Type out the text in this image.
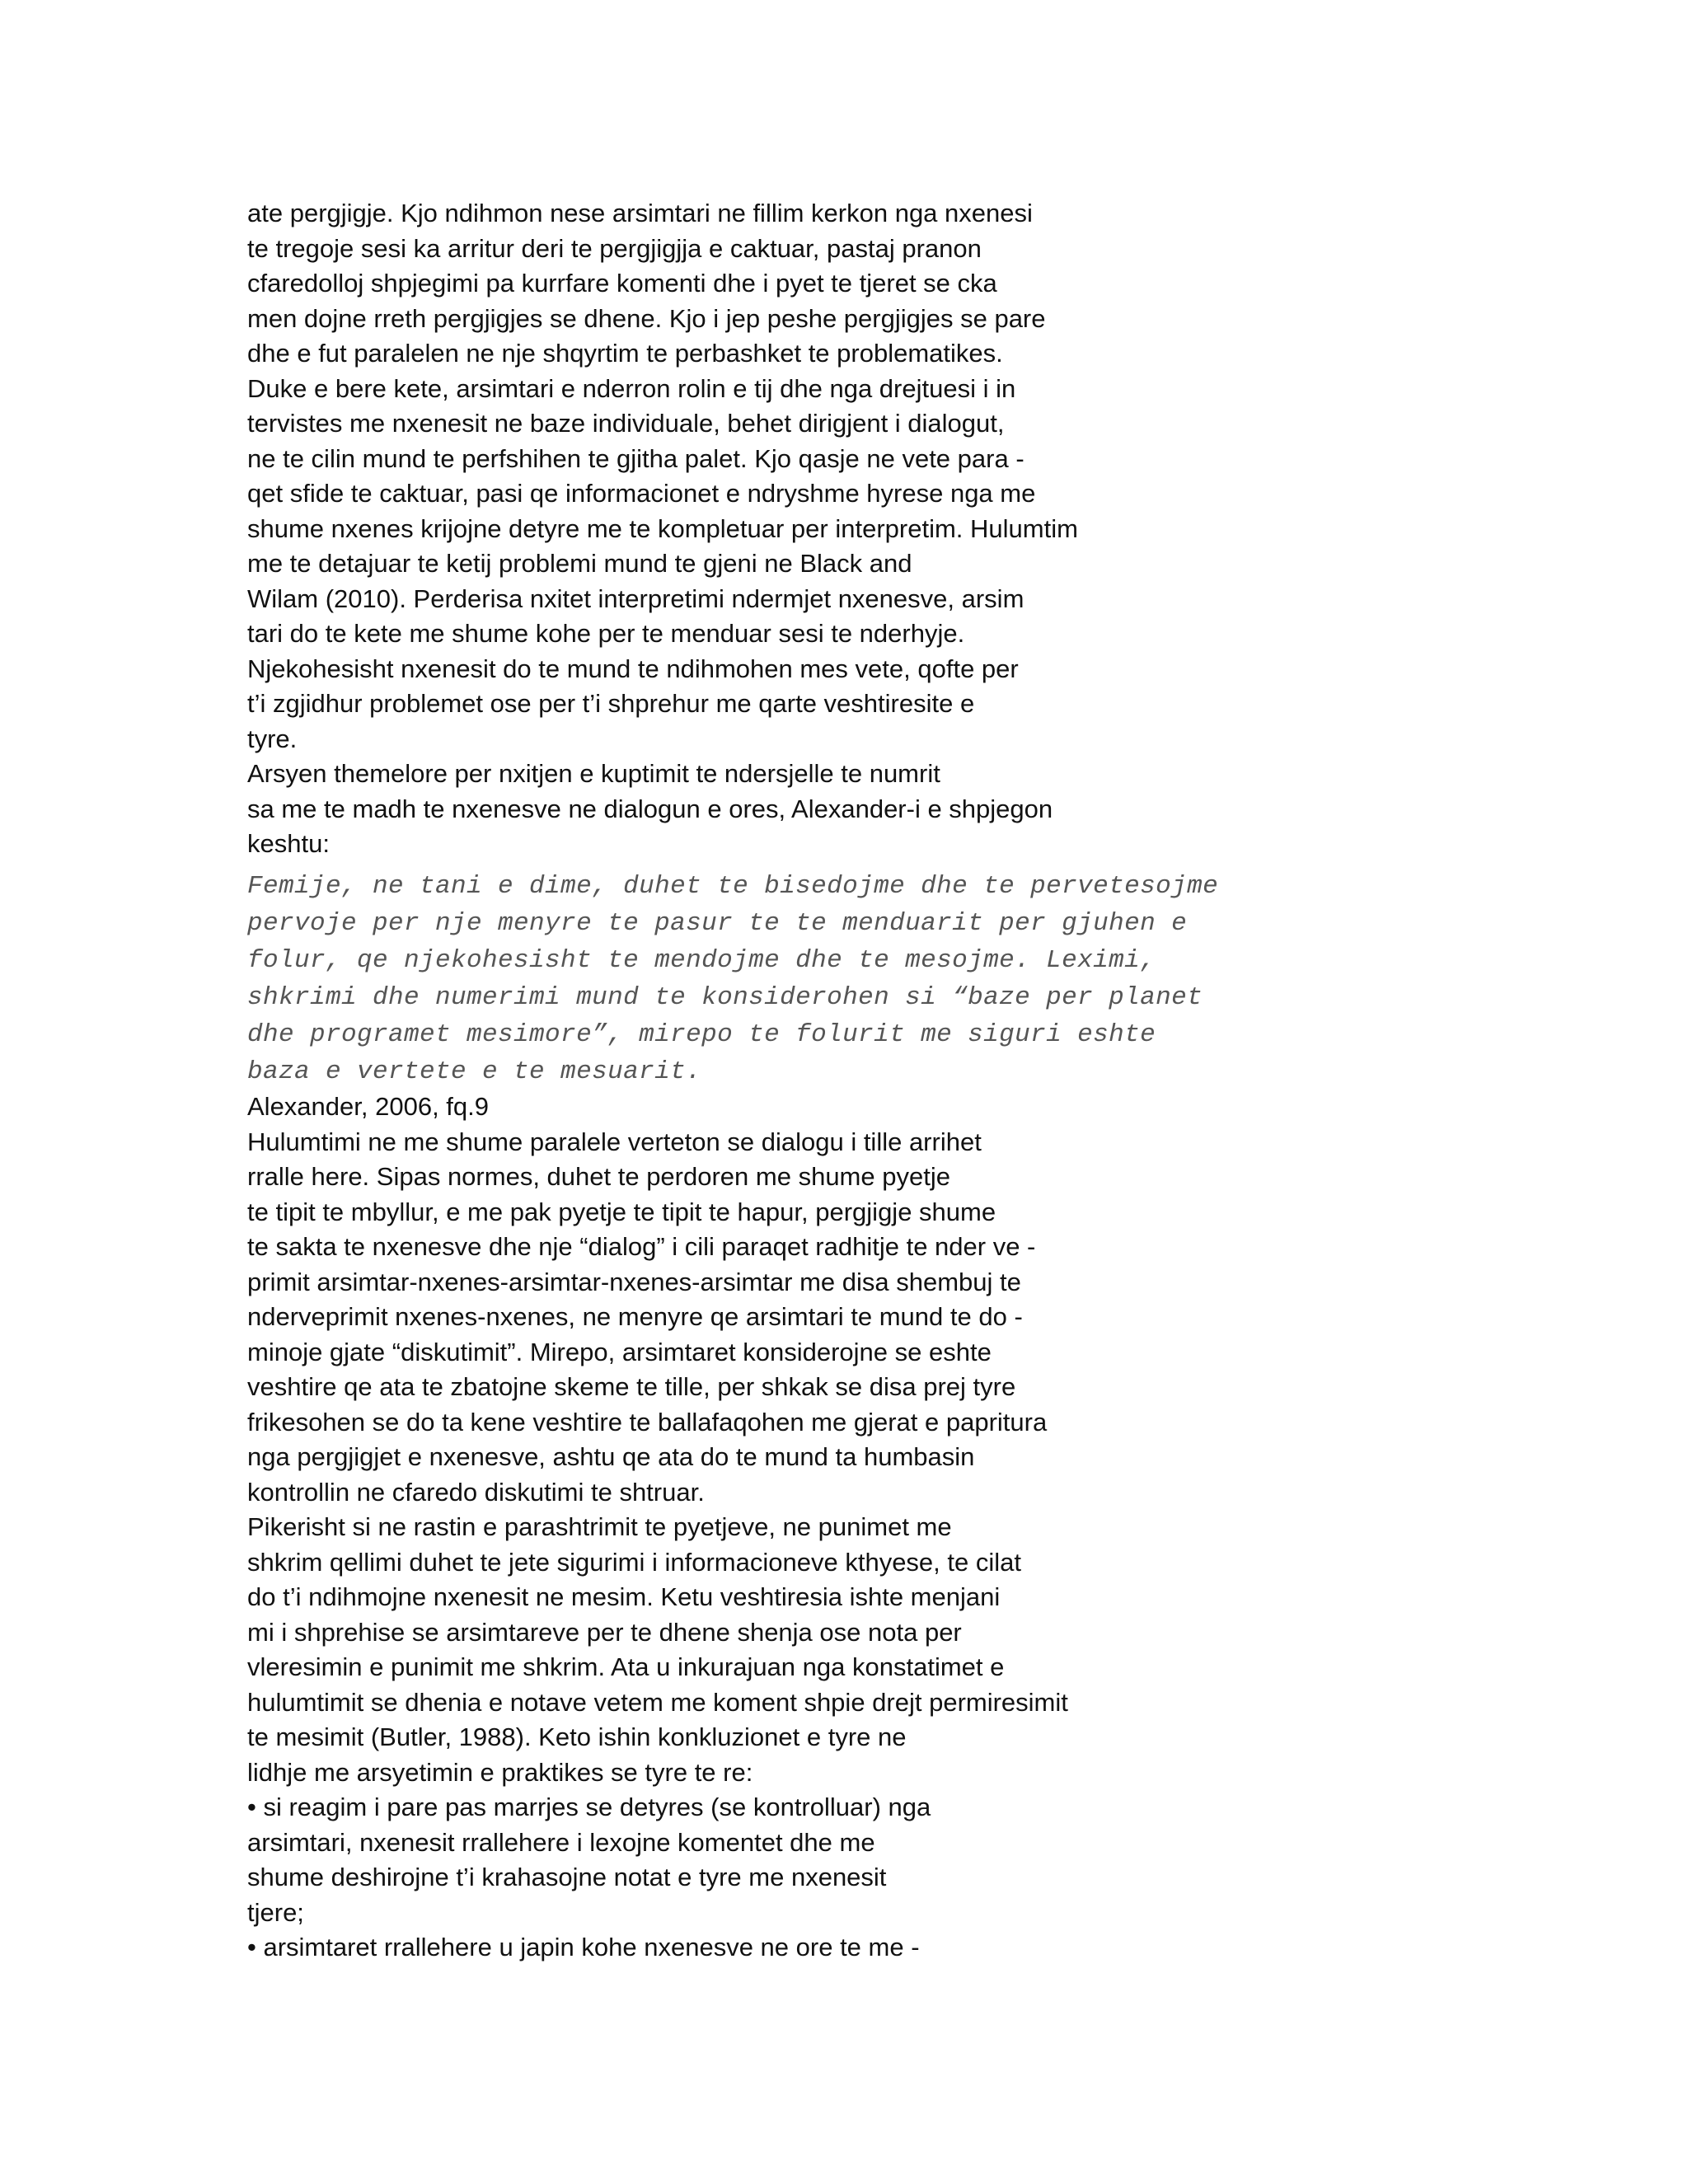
ate pergjigje. Kjo ndihmon nese arsimtari ne fillim kerkon nga nxenesi
te tregoje sesi ka arritur deri te pergjigjja e caktuar, pastaj pranon
cfaredolloj shpjegimi pa kurrfare komenti dhe i pyet te tjeret se cka
men dojne rreth pergjigjes se dhene. Kjo i jep peshe pergjigjes se pare
dhe e fut paralelen ne nje shqyrtim te perbashket te problematikes.
Duke e bere kete, arsimtari e nderron rolin e tij dhe nga drejtuesi i in
tervistes me nxenesit ne baze individuale, behet dirigjent i dialogut,
ne te cilin mund te perfshihen te gjitha palet. Kjo qasje ne vete para -
qet sfide te caktuar, pasi qe informacionet e ndryshme hyrese nga me
shume nxenes krijojne detyre me te kompletuar per interpretim. Hulumtim
me te detajuar te ketij problemi mund te gjeni ne Black and
Wilam (2010). Perderisa nxitet interpretimi ndermjet nxenesve, arsim
tari do te kete me shume kohe per te menduar sesi te nderhyje.
Njekohesisht nxenesit do te mund te ndihmohen mes vete, qofte per
t’i zgjidhur problemet ose per t’i shprehur me qarte veshtiresite e
tyre.
Arsyen themelore per nxitjen e kuptimit te ndersjelle te numrit
sa me te madh te nxenesve ne dialogun e ores, Alexander-i e shpjegon
keshtu:
Femije, ne tani e dime, duhet te bisedojme dhe te pervetesojme
pervoje per nje menyre te pasur te te menduarit per gjuhen e
folur, qe njekohesisht te mendojme dhe te mesojme. Leximi,
shkrimi dhe numerimi mund te konsiderohen si “baze per planet
dhe programet mesimore”, mirepo te folurit me siguri eshte
baza e vertete e te mesuarit.
Alexander, 2006, fq.9
Hulumtimi ne me shume paralele verteton se dialogu i tille arrihet
rralle here. Sipas normes, duhet te perdoren me shume pyetje
te tipit te mbyllur, e me pak pyetje te tipit te hapur, pergjigje shume
te sakta te nxenesve dhe nje “dialog” i cili paraqet radhitje te nder ve -
primit arsimtar-nxenes-arsimtar-nxenes-arsimtar me disa shembuj te
nderveprimit nxenes-nxenes, ne menyre qe arsimtari te mund te do -
minoje gjate “diskutimit”. Mirepo, arsimtaret konsiderojne se eshte
veshtire qe ata te zbatojne skeme te tille, per shkak se disa prej tyre
frikesohen se do ta kene veshtire te ballafaqohen me gjerat e papritura
nga pergjigjet e nxenesve, ashtu qe ata do te mund ta humbasin
kontrollin ne cfaredo diskutimi te shtruar.
Pikerisht si ne rastin e parashtrimit te pyetjeve, ne punimet me
shkrim qellimi duhet te jete sigurimi i informacioneve kthyese, te cilat
do t’i ndihmojne nxenesit ne mesim. Ketu veshtiresia ishte menjani
mi i shprehise se arsimtareve per te dhene shenja ose nota per
vleresimin e punimit me shkrim. Ata u inkurajuan nga konstatimet e
hulumtimit se dhenia e notave vetem me koment shpie drejt permiresimit
te mesimit (Butler, 1988). Keto ishin konkluzionet e tyre ne
lidhje me arsyetimin e praktikes se tyre te re:
• si reagim i pare pas marrjes se detyres (se kontrolluar) nga
arsimtari, nxenesit rrallehere i lexojne komentet dhe me
shume deshirojne t’i krahasojne notat e tyre me nxenesit
tjere;
• arsimtaret rrallehere u japin kohe nxenesve ne ore te me -
